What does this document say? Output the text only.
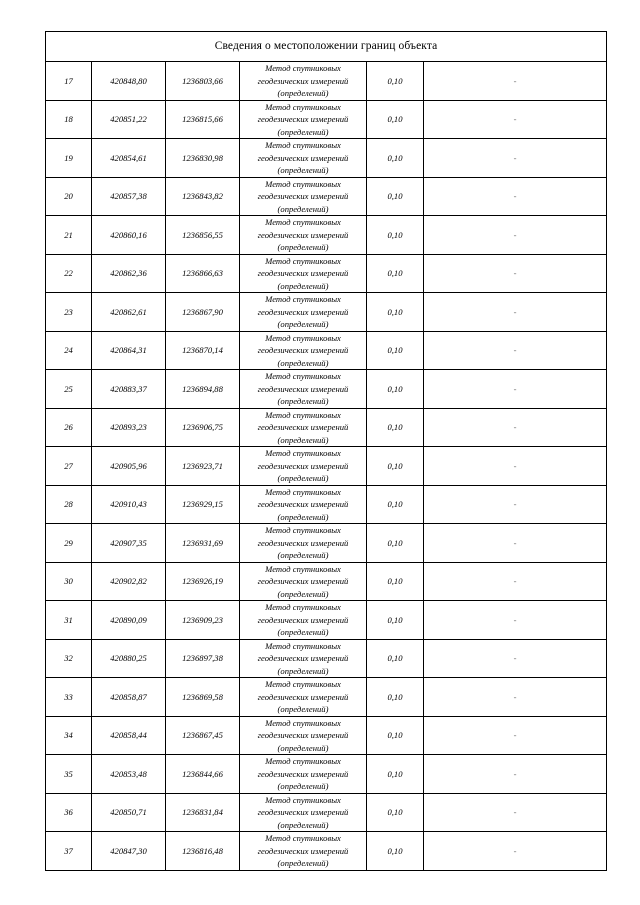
Сведения о местоположении границ объекта					
17	420848,80	1236803,66	Метод спутниковых
геодезических измерений
(определений)	0,10	-
18	420851,22	1236815,66	Метод спутниковых
геодезических измерений
(определений)	0,10	-
19	420854,61	1236830,98	Метод спутниковых
геодезических измерений
(определений)	0,10	-
20	420857,38	1236843,82	Метод спутниковых
геодезических измерений
(определений)	0,10	-
21	420860,16	1236856,55	Метод спутниковых
геодезических измерений
(определений)	0,10	-
22	420862,36	1236866,63	Метод спутниковых
геодезических измерений
(определений)	0,10	-
23	420862,61	1236867,90	Метод спутниковых
геодезических измерений
(определений)	0,10	-
24	420864,31	1236870,14	Метод спутниковых
геодезических измерений
(определений)	0,10	-
25	420883,37	1236894,88	Метод спутниковых
геодезических измерений
(определений)	0,10	-
26	420893,23	1236906,75	Метод спутниковых
геодезических измерений
(определений)	0,10	-
27	420905,96	1236923,71	Метод спутниковых
геодезических измерений
(определений)	0,10	-
28	420910,43	1236929,15	Метод спутниковых
геодезических измерений
(определений)	0,10	-
29	420907,35	1236931,69	Метод спутниковых
геодезических измерений
(определений)	0,10	-
30	420902,82	1236926,19	Метод спутниковых
геодезических измерений
(определений)	0,10	-
31	420890,09	1236909,23	Метод спутниковых
геодезических измерений
(определений)	0,10	-
32	420880,25	1236897,38	Метод спутниковых
геодезических измерений
(определений)	0,10	-
33	420858,87	1236869,58	Метод спутниковых
геодезических измерений
(определений)	0,10	-
34	420858,44	1236867,45	Метод спутниковых
геодезических измерений
(определений)	0,10	-
35	420853,48	1236844,66	Метод спутниковых
геодезических измерений
(определений)	0,10	-
36	420850,71	1236831,84	Метод спутниковых
геодезических измерений
(определений)	0,10	-
37	420847,30	1236816,48	Метод спутниковых
геодезических измерений
(определений)	0,10	-
